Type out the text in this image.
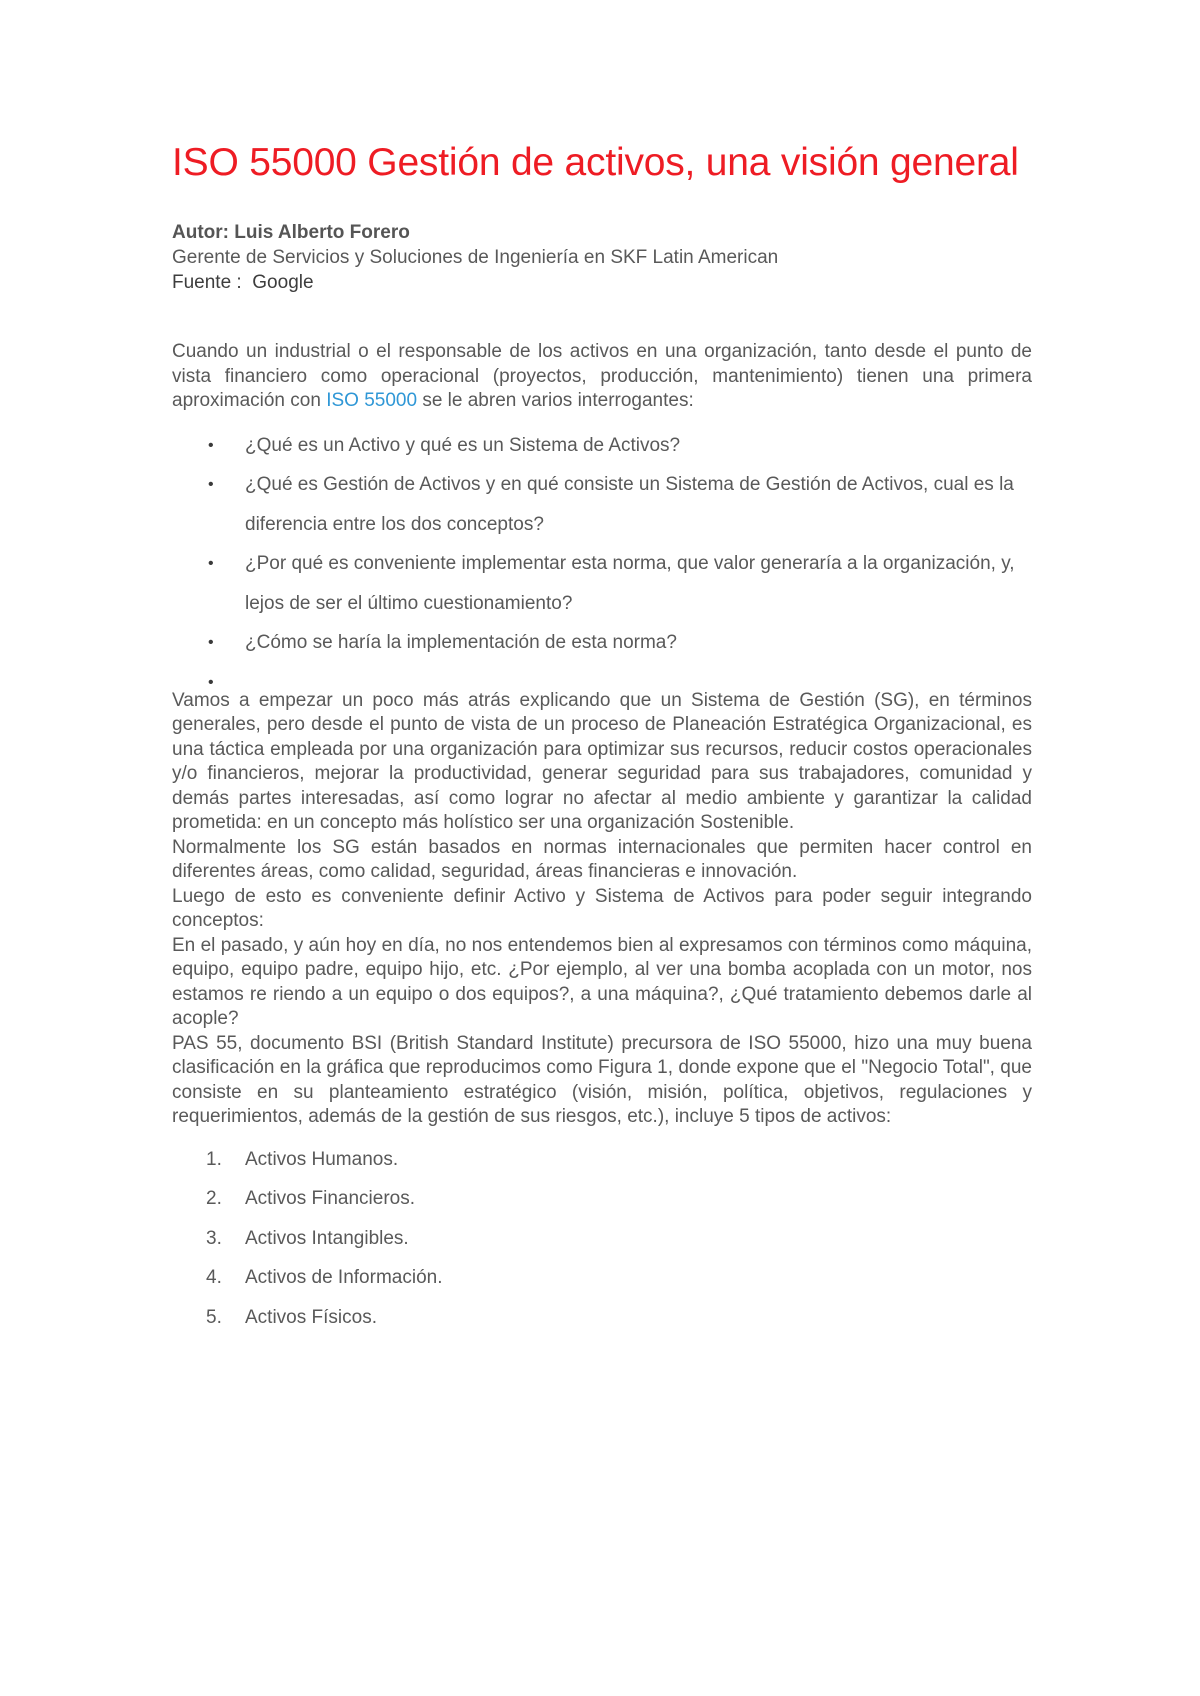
ISO 55000 Gestión de activos, una visión general
Autor: Luis Alberto Forero
Gerente de Servicios y Soluciones de Ingeniería en SKF Latin American
Fuente : Google
Cuando un industrial o el responsable de los activos en una organización, tanto desde el punto de vista financiero como operacional (proyectos, producción, mantenimiento) tienen una primera aproximación con ISO 55000 se le abren varios interrogantes:
• ¿Qué es un Activo y qué es un Sistema de Activos?
• ¿Qué es Gestión de Activos y en qué consiste un Sistema de Gestión de Activos, cual es la diferencia entre los dos conceptos?
• ¿Por qué es conveniente implementar esta norma, que valor generaría a la organización, y, lejos de ser el último cuestionamiento?
• ¿Cómo se haría la implementación de esta norma?
•

Vamos a empezar un poco más atrás explicando que un Sistema de Gestión (SG), en términos generales, pero desde el punto de vista de un proceso de Planeación Estratégica Organizacional, es una táctica empleada por una organización para optimizar sus recursos, reducir costos operacionales y/o financieros, mejorar la productividad, generar seguridad para sus trabajadores, comunidad y demás partes interesadas, así como lograr no afectar al medio ambiente y garantizar la calidad prometida: en un concepto más holístico ser una organización Sostenible.

Normalmente los SG están basados en normas internacionales que permiten hacer control en diferentes áreas, como calidad, seguridad, áreas financieras e innovación.

Luego de esto es conveniente definir Activo y Sistema de Activos para poder seguir integrando conceptos:

En el pasado, y aún hoy en día, no nos entendemos bien al expresamos con términos como máquina, equipo, equipo padre, equipo hijo, etc. ¿Por ejemplo, al ver una bomba acoplada con un motor, nos estamos re riendo a un equipo o dos equipos?, a una máquina?, ¿Qué tratamiento debemos darle al acople?

PAS 55, documento BSI (British Standard Institute) precursora de ISO 55000, hizo una muy buena clasificación en la gráfica que reproducimos como Figura 1, donde expone que el "Negocio Total", que consiste en su planteamiento estratégico (visión, misión, política, objetivos, regulaciones y requerimientos, además de la gestión de sus riesgos, etc.), incluye 5 tipos de activos:

1. Activos Humanos.
2. Activos Financieros.
3. Activos Intangibles.
4. Activos de Información.
5. Activos Físicos.
